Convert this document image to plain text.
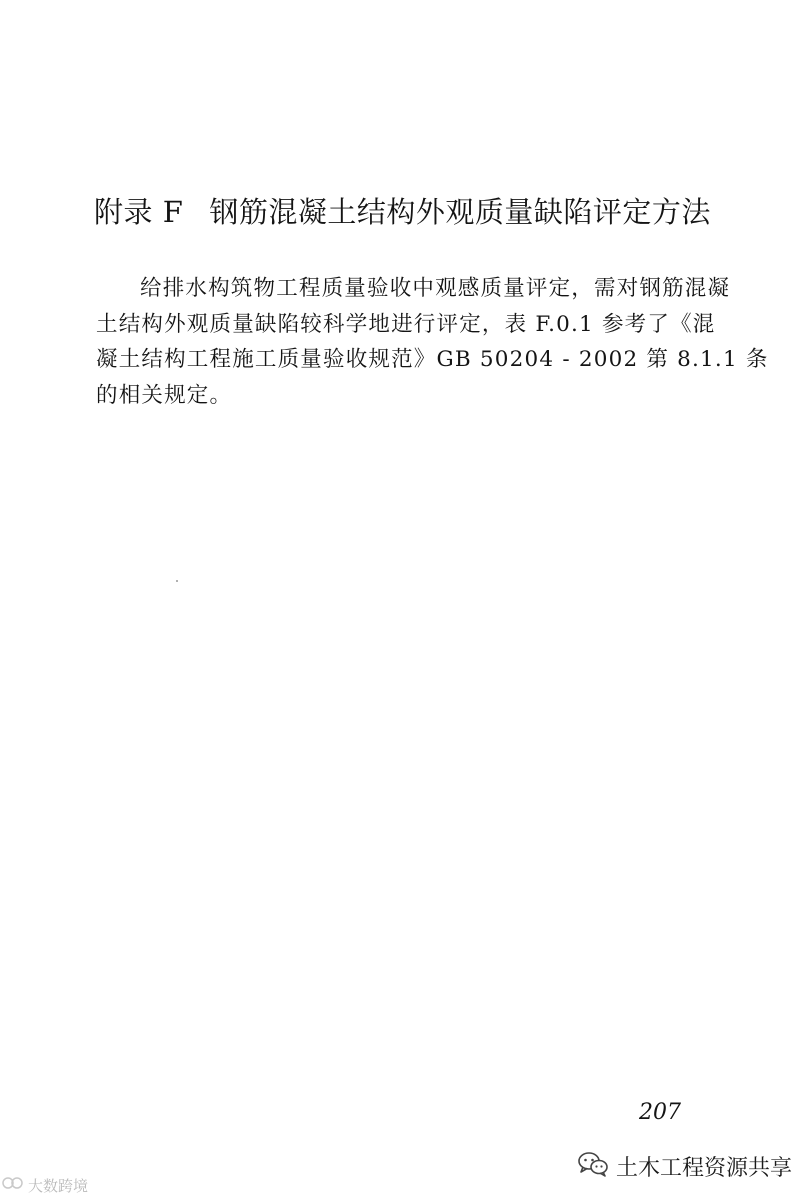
附录 F 钢筋混凝土结构外观质量缺陷评定方法

给排水构筑物工程质量验收中观感质量评定，需对钢筋混凝
土结构外观质量缺陷较科学地进行评定，表 F.0.1 参考了《混
凝土结构工程施工质量验收规范》GB 50204 - 2002 第 8.1.1 条
的相关规定。

207
土木工程资源共享
大数跨境
